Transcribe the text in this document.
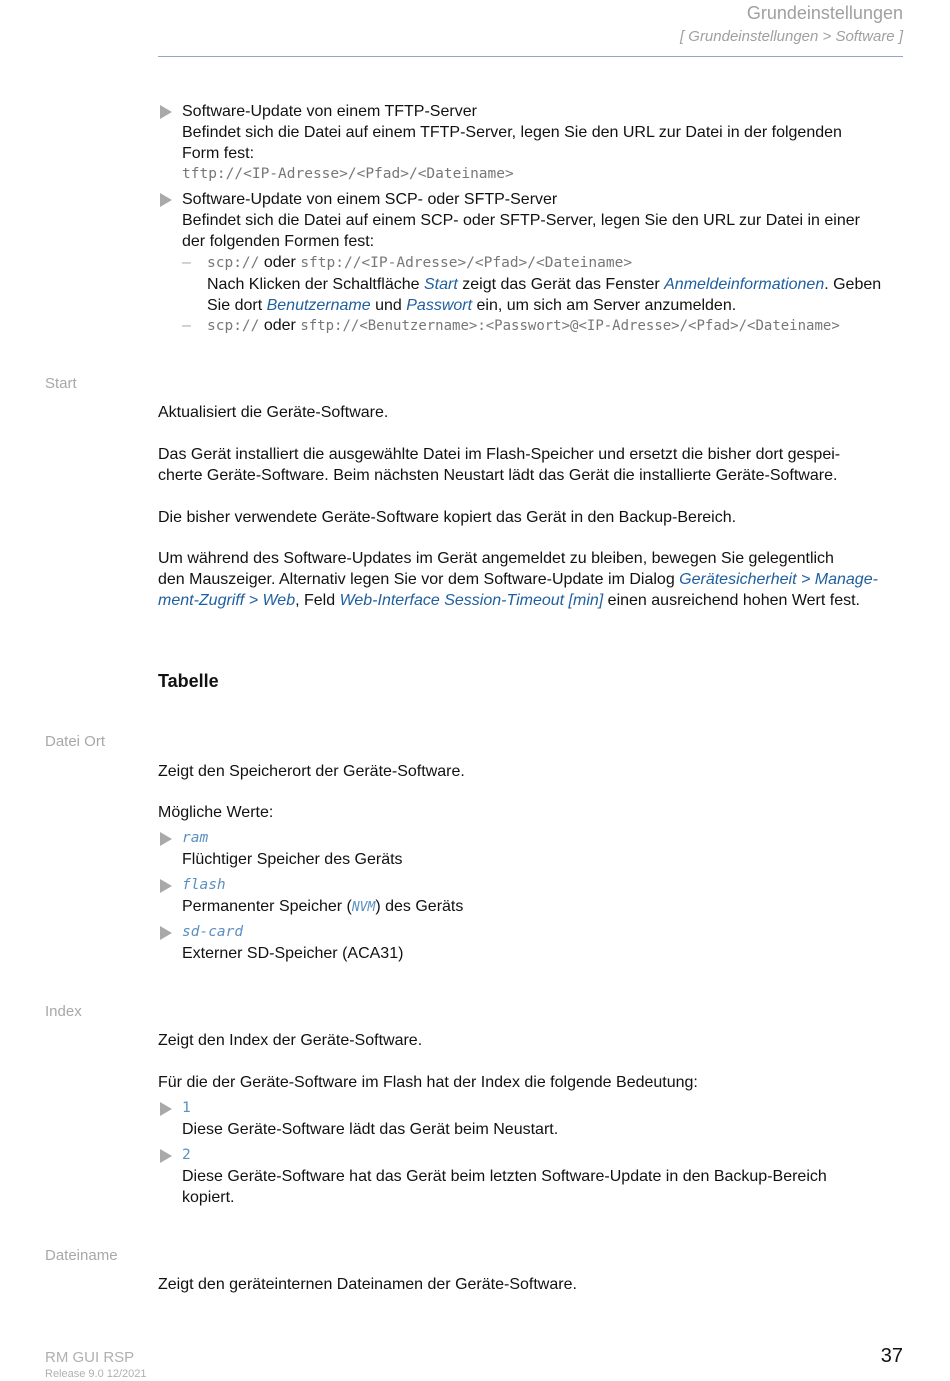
Grundeinstellungen
[ Grundeinstellungen > Software ]
Software-Update von einem TFTP-Server
Befindet sich die Datei auf einem TFTP-Server, legen Sie den URL zur Datei in der folgenden
Form fest:
tftp://<IP-Adresse>/<Pfad>/<Dateiname>
Software-Update von einem SCP- oder SFTP-Server
Befindet sich die Datei auf einem SCP- oder SFTP-Server, legen Sie den URL zur Datei in einer
der folgenden Formen fest:
– scp:// oder sftp://<IP-Adresse>/<Pfad>/<Dateiname>
Nach Klicken der Schaltfläche Start zeigt das Gerät das Fenster Anmeldeinformationen. Geben
Sie dort Benutzername und Passwort ein, um sich am Server anzumelden.
– scp:// oder sftp://<Benutzername>:<Passwort>@<IP-Adresse>/<Pfad>/<Dateiname>
Start

Aktualisiert die Geräte-Software.

Das Gerät installiert die ausgewählte Datei im Flash-Speicher und ersetzt die bisher dort gespei-
cherte Geräte-Software. Beim nächsten Neustart lädt das Gerät die installierte Geräte-Software.

Die bisher verwendete Geräte-Software kopiert das Gerät in den Backup-Bereich.

Um während des Software-Updates im Gerät angemeldet zu bleiben, bewegen Sie gelegentlich
den Mauszeiger. Alternativ legen Sie vor dem Software-Update im Dialog Gerätesicherheit > Manage-
ment-Zugriff > Web, Feld Web-Interface Session-Timeout [min] einen ausreichend hohen Wert fest.
Tabelle
Datei Ort

Zeigt den Speicherort der Geräte-Software.

Mögliche Werte:

ram
Flüchtiger Speicher des Geräts
flash
Permanenter Speicher (NVM) des Geräts
sd-card
Externer SD-Speicher (ACA31)
Index

Zeigt den Index der Geräte-Software.

Für die der Geräte-Software im Flash hat der Index die folgende Bedeutung:

1
Diese Geräte-Software lädt das Gerät beim Neustart.
2
Diese Geräte-Software hat das Gerät beim letzten Software-Update in den Backup-Bereich
kopiert.
Dateiname

Zeigt den geräteinternen Dateinamen der Geräte-Software.

RM GUI RSP
Release 9.0 12/2021
37
